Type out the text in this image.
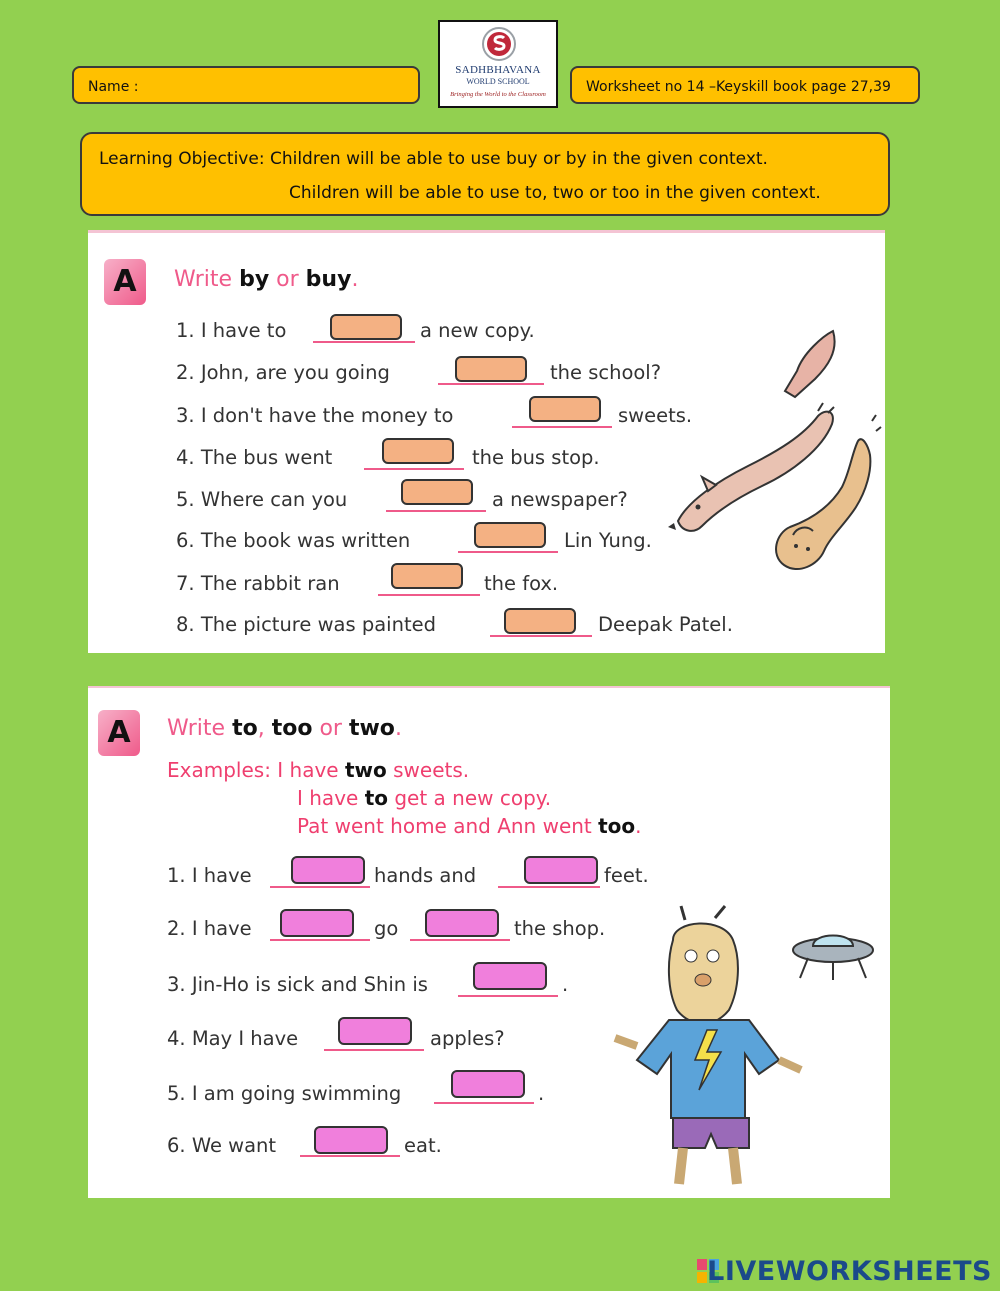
Name :
SADHBHAVANA
WORLD SCHOOL
Bringing the World to the Classroom	Worksheet no 14 –Keyskill book page 27,39
Learning Objective: Children will be able to use buy or by in the given context.
Children will be able to use to, two or too in the given context.
A	Write by or buy.
1. I have to	a new copy.
2. John, are you going	the school?
3. I don't have the money to	sweets.
4. The bus went	the bus stop.
5. Where can you	a newspaper?
6. The book was written	Lin Yung.
7. The rabbit ran	the fox.
8. The picture was painted	Deepak Patel.
A	Write to, too or two.
Examples: I have two sweets.
I have to get a new copy.
Pat went home and Ann went too.
1. I have	hands and	feet.
2. I have	go	the shop.
3. Jin-Ho is sick and Shin is	.
4. May I have	apples?
5. I am going swimming	.
6. We want	eat.
LIVEWORKSHEETS
